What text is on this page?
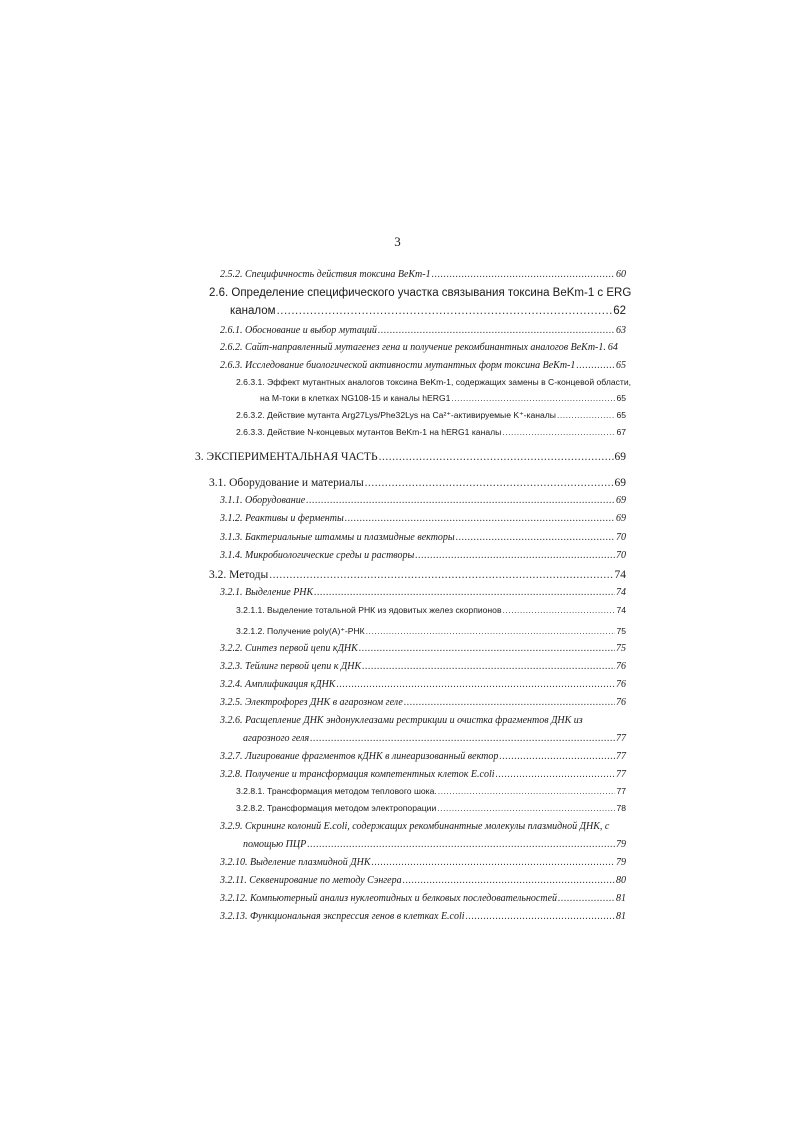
3
2.5.2. Специфичность действия токсина BeKm-1 .....	60
2.6. Определение специфического участка связывания токсина BeKm-1 с ERG
каналом .....	62
2.6.1. Обоснование и выбор мутаций .....	63
2.6.2. Сайт-направленный мутагенез гена и получение рекомбинантных аналогов BeKm-1. 64
2.6.3. Исследование биологической активности мутантных форм токсина BeKm-1 .....	65
2.6.3.1. Эффект мутантных аналогов токсина BeKm-1, содержащих замены в С-концевой области,
на М-токи в клетках NG108-15 и каналы hERG1 .....	65
2.6.3.2. Действие мутанта Arg27Lys/Phe32Lys на Ca²⁺-активируемые K⁺-каналы .....	65
2.6.3.3. Действие N-концевых мутантов BeKm-1 на hERG1 каналы .....	67
3. ЭКСПЕРИМЕНТАЛЬНАЯ ЧАСТЬ .....	69
3.1. Оборудование и материалы .....	69
3.1.1. Оборудование .....	69
3.1.2. Реактивы и ферменты .....	69
3.1.3. Бактериальные штаммы и плазмидные векторы .....	70
3.1.4. Микробиологические среды и растворы .....	70
3.2. Методы .....	74
3.2.1. Выделение РНК .....	74
3.2.1.1. Выделение тотальной РНК из ядовитых желез скорпионов .....	74
3.2.1.2. Получение poly(A)⁺-РНК .....	75
3.2.2. Синтез первой цепи кДНК .....	75
3.2.3. Тейлинг первой цепи к ДНК .....	76
3.2.4. Амплификация кДНК .....	76
3.2.5. Электрофорез ДНК в агарозном геле .....	76
3.2.6. Расщепление ДНК эндонуклеазами рестрикции и очистка фрагментов ДНК из
агарозного геля .....	77
3.2.7. Лигирование фрагментов кДНК в линеаризованный вектор .....	77
3.2.8. Получение и трансформация компетентных клеток E.coli .....	77
3.2.8.1. Трансформация методом теплового шока. .....	77
3.2.8.2. Трансформация методом электропорации .....	78
3.2.9. Скрининг колоний E.coli, содержащих рекомбинантные молекулы плазмидной ДНК, с
помощью ПЦР .....	79
3.2.10. Выделение плазмидной ДНК .....	79
3.2.11. Секвенирование по методу Сэнгера .....	80
3.2.12. Компьютерный анализ нуклеотидных и белковых последовательностей .....	81
3.2.13. Функциональная экспрессия генов в клетках E.coli .....	81
